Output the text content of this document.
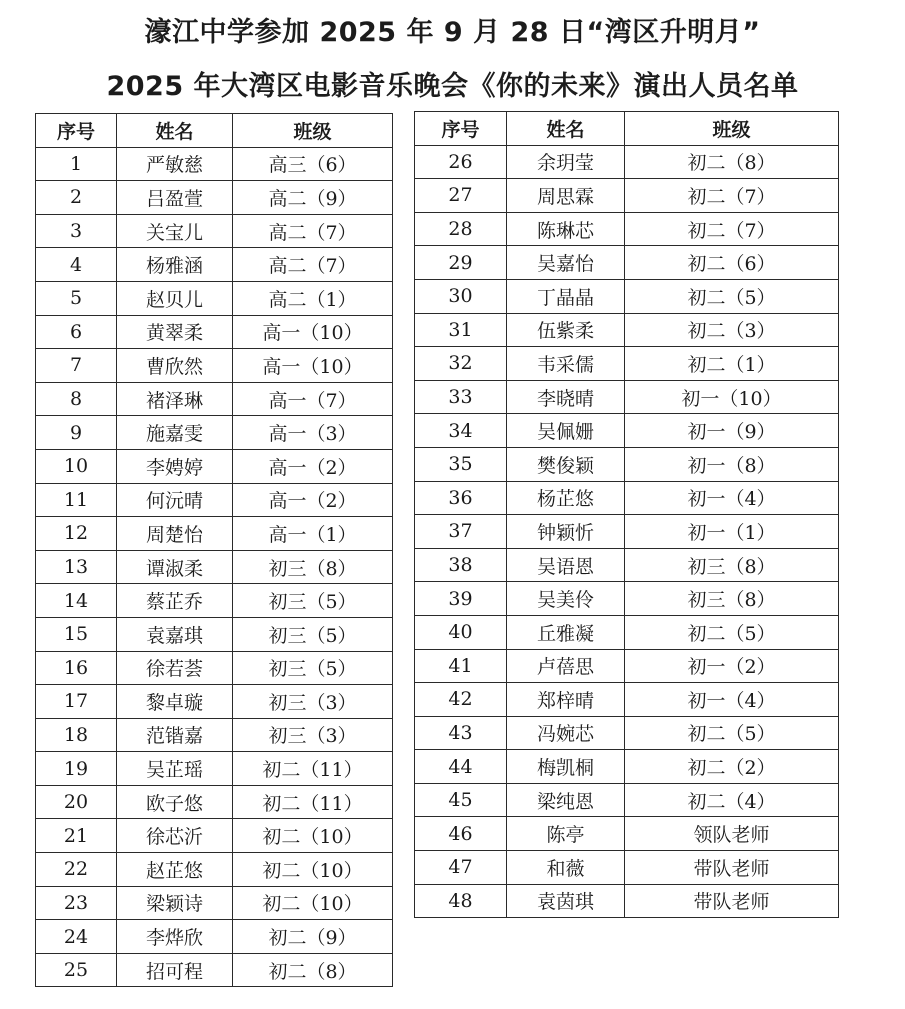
濠江中学参加 2025 年 9 月 28 日“湾区升明月”
2025 年大湾区电影音乐晚会《你的未来》演出人员名单
序号	姓名	班级
1	严敏慈	高三（6）
2	吕盈萱	高二（9）
3	关宝儿	高二（7）
4	杨雅涵	高二（7）
5	赵贝儿	高二（1）
6	黄翠柔	高一（10）
7	曹欣然	高一（10）
8	褚泽琳	高一（7）
9	施嘉雯	高一（3）
10	李娉婷	高一（2）
11	何沅晴	高一（2）
12	周楚怡	高一（1）
13	谭淑柔	初三（8）
14	蔡芷乔	初三（5）
15	袁嘉琪	初三（5）
16	徐若荟	初三（5）
17	黎卓璇	初三（3）
18	范锴嘉	初三（3）
19	吴芷瑶	初二（11）
20	欧子悠	初二（11）
21	徐芯沂	初二（10）
22	赵芷悠	初二（10）
23	梁颖诗	初二（10）
24	李烨欣	初二（9）
25	招可程	初二（8）
序号	姓名	班级
26	余玥莹	初二（8）
27	周思霖	初二（7）
28	陈琳芯	初二（7）
29	吴嘉怡	初二（6）
30	丁晶晶	初二（5）
31	伍紫柔	初二（3）
32	韦采儒	初二（1）
33	李晓晴	初一（10）
34	吴佩姗	初一（9）
35	樊俊颖	初一（8）
36	杨芷悠	初一（4）
37	钟颖忻	初一（1）
38	吴语恩	初三（8）
39	吴美伶	初三（8）
40	丘雅凝	初二（5）
41	卢蓓思	初一（2）
42	郑梓晴	初一（4）
43	冯婉芯	初二（5）
44	梅凯桐	初二（2）
45	梁纯恩	初二（4）
46	陈亭	领队老师
47	和薇	带队老师
48	袁茵琪	带队老师
